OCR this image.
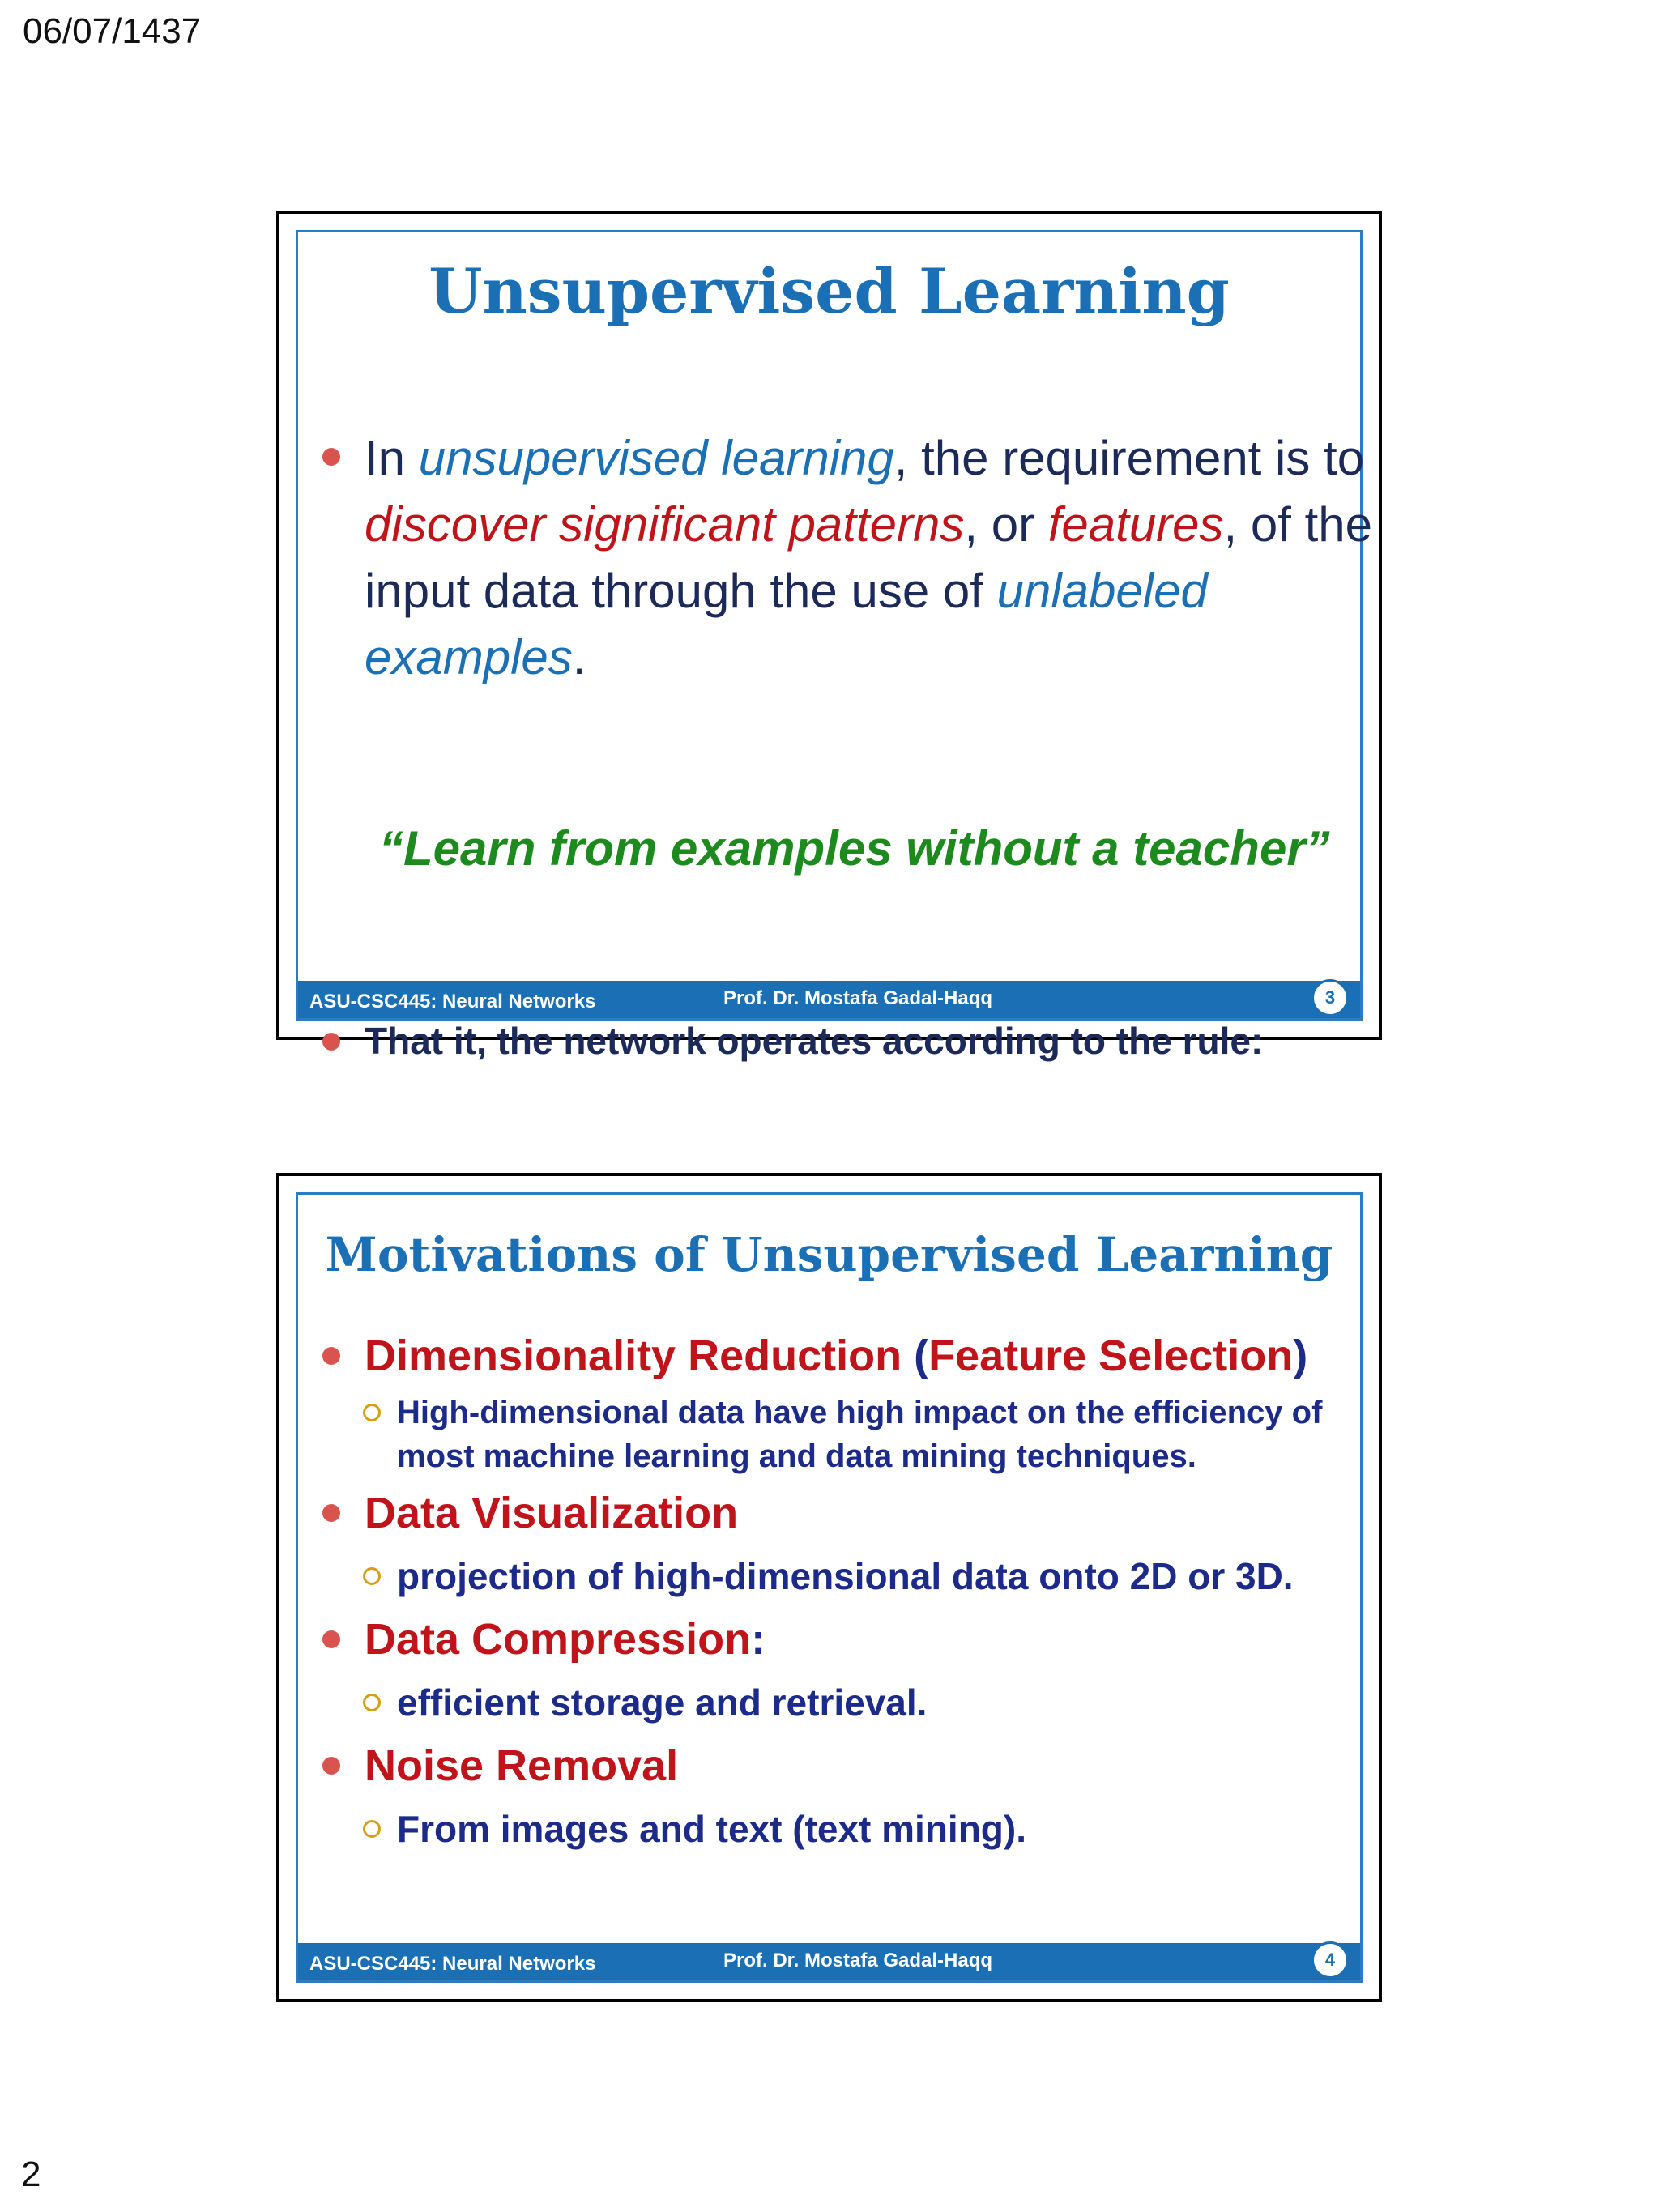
06/07/1437
Unsupervised Learning
In unsupervised learning, the requirement is to discover significant patterns, or features, of the input data through the use of unlabeled examples.
That it, the network operates according to the rule:
“Learn from examples without a teacher”
ASU-CSC445: Neural Networks	Prof. Dr. Mostafa Gadal-Haqq	3
Motivations of Unsupervised Learning
Dimensionality Reduction (Feature Selection)
High-dimensional data have high impact on the efficiency of most machine learning and data mining techniques.
Data Visualization
projection of high-dimensional data onto 2D or 3D.
Data Compression:
efficient storage and retrieval.
Noise Removal
From images and text (text mining).
ASU-CSC445: Neural Networks	Prof. Dr. Mostafa Gadal-Haqq	4
2
